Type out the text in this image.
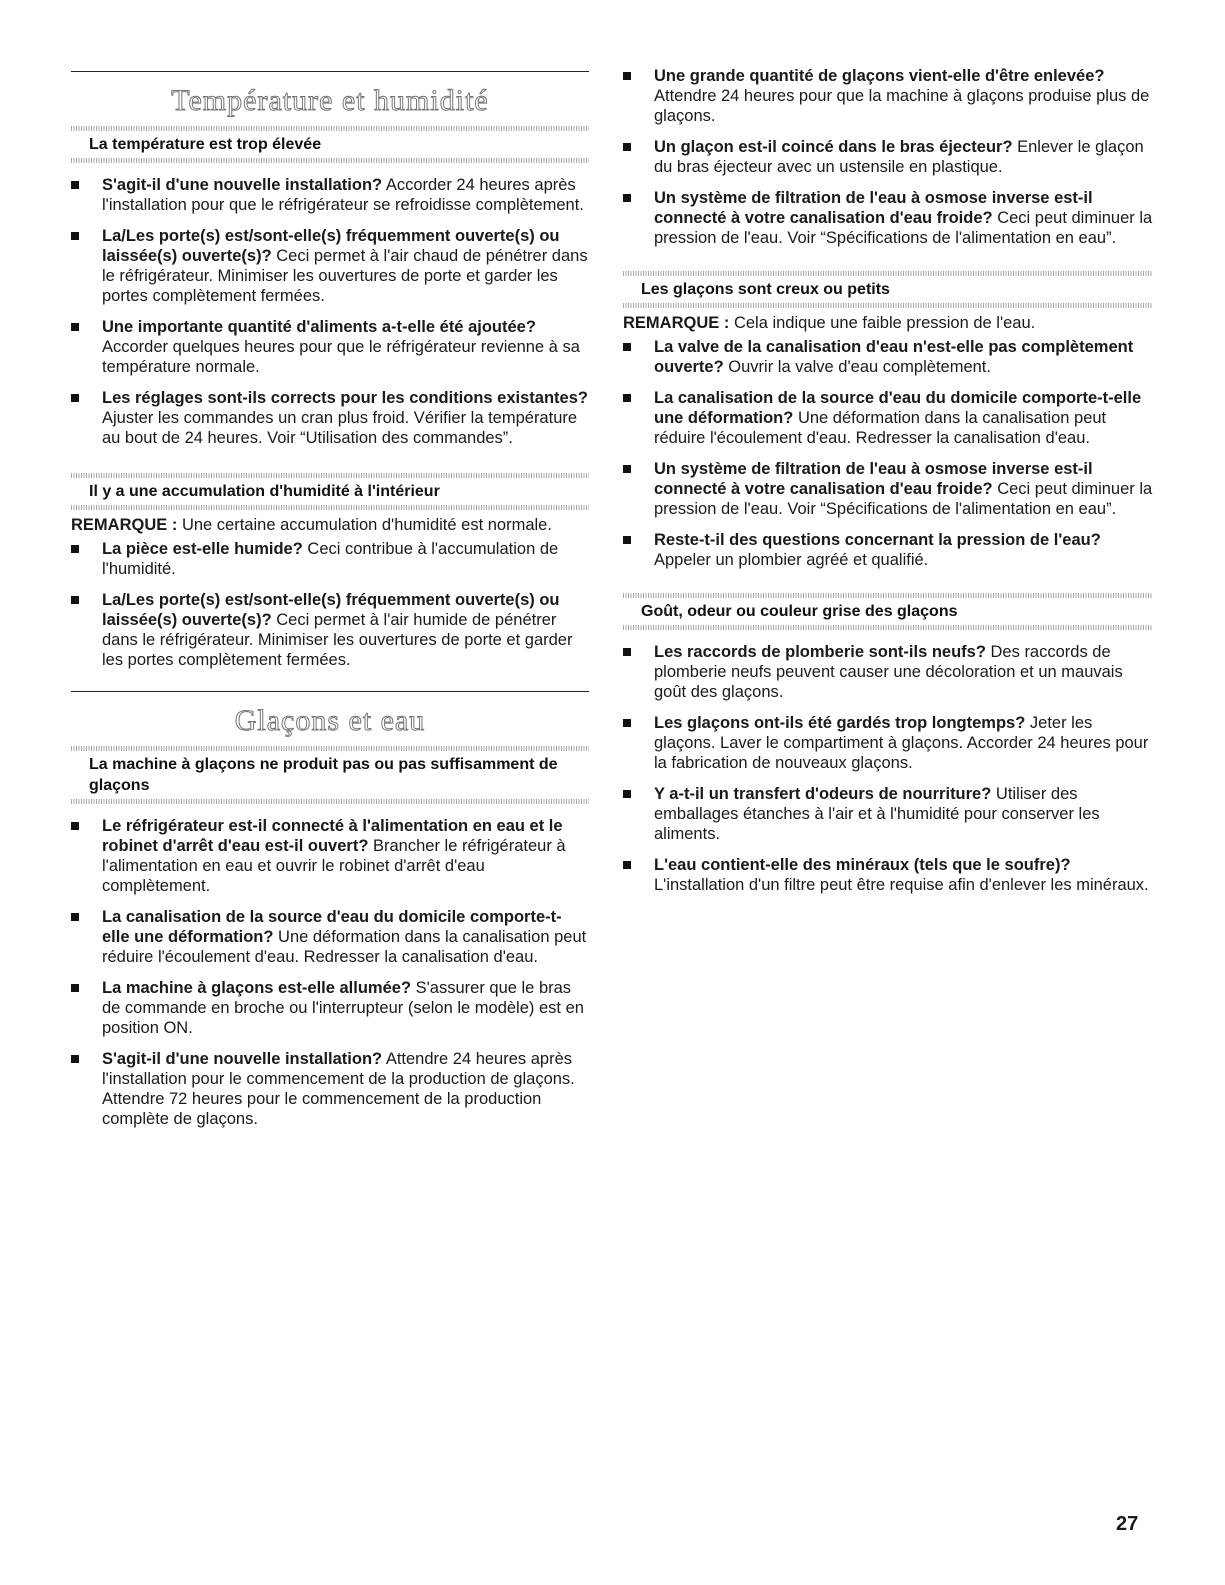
Température et humidité
La température est trop élevée
S'agit-il d'une nouvelle installation? Accorder 24 heures après l'installation pour que le réfrigérateur se refroidisse complètement.
La/Les porte(s) est/sont-elle(s) fréquemment ouverte(s) ou laissée(s) ouverte(s)? Ceci permet à l'air chaud de pénétrer dans le réfrigérateur. Minimiser les ouvertures de porte et garder les portes complètement fermées.
Une importante quantité d'aliments a-t-elle été ajoutée? Accorder quelques heures pour que le réfrigérateur revienne à sa température normale.
Les réglages sont-ils corrects pour les conditions existantes? Ajuster les commandes un cran plus froid. Vérifier la température au bout de 24 heures. Voir “Utilisation des commandes”.
Il y a une accumulation d'humidité à l'intérieur
REMARQUE : Une certaine accumulation d'humidité est normale.
La pièce est-elle humide? Ceci contribue à l'accumulation de l'humidité.
La/Les porte(s) est/sont-elle(s) fréquemment ouverte(s) ou laissée(s) ouverte(s)? Ceci permet à l'air humide de pénétrer dans le réfrigérateur. Minimiser les ouvertures de porte et garder les portes complètement fermées.
Glaçons et eau
La machine à glaçons ne produit pas ou pas suffisamment de glaçons
Le réfrigérateur est-il connecté à l'alimentation en eau et le robinet d'arrêt d'eau est-il ouvert? Brancher le réfrigérateur à l'alimentation en eau et ouvrir le robinet d'arrêt d'eau complètement.
La canalisation de la source d'eau du domicile comporte-t-elle une déformation? Une déformation dans la canalisation peut réduire l'écoulement d'eau. Redresser la canalisation d'eau.
La machine à glaçons est-elle allumée? S'assurer que le bras de commande en broche ou l'interrupteur (selon le modèle) est en position ON.
S'agit-il d'une nouvelle installation? Attendre 24 heures après l'installation pour le commencement de la production de glaçons. Attendre 72 heures pour le commencement de la production complète de glaçons.
Une grande quantité de glaçons vient-elle d'être enlevée? Attendre 24 heures pour que la machine à glaçons produise plus de glaçons.
Un glaçon est-il coincé dans le bras éjecteur? Enlever le glaçon du bras éjecteur avec un ustensile en plastique.
Un système de filtration de l'eau à osmose inverse est-il connecté à votre canalisation d'eau froide? Ceci peut diminuer la pression de l'eau. Voir “Spécifications de l'alimentation en eau”.
Les glaçons sont creux ou petits
REMARQUE : Cela indique une faible pression de l'eau.
La valve de la canalisation d'eau n'est-elle pas complètement ouverte? Ouvrir la valve d'eau complètement.
La canalisation de la source d'eau du domicile comporte-t-elle une déformation? Une déformation dans la canalisation peut réduire l'écoulement d'eau. Redresser la canalisation d'eau.
Un système de filtration de l'eau à osmose inverse est-il connecté à votre canalisation d'eau froide? Ceci peut diminuer la pression de l'eau. Voir “Spécifications de l'alimentation en eau”.
Reste-t-il des questions concernant la pression de l'eau? Appeler un plombier agréé et qualifié.
Goût, odeur ou couleur grise des glaçons
Les raccords de plomberie sont-ils neufs? Des raccords de plomberie neufs peuvent causer une décoloration et un mauvais goût des glaçons.
Les glaçons ont-ils été gardés trop longtemps? Jeter les glaçons. Laver le compartiment à glaçons. Accorder 24 heures pour la fabrication de nouveaux glaçons.
Y a-t-il un transfert d'odeurs de nourriture? Utiliser des emballages étanches à l'air et à l'humidité pour conserver les aliments.
L'eau contient-elle des minéraux (tels que le soufre)? L'installation d'un filtre peut être requise afin d'enlever les minéraux.
27
